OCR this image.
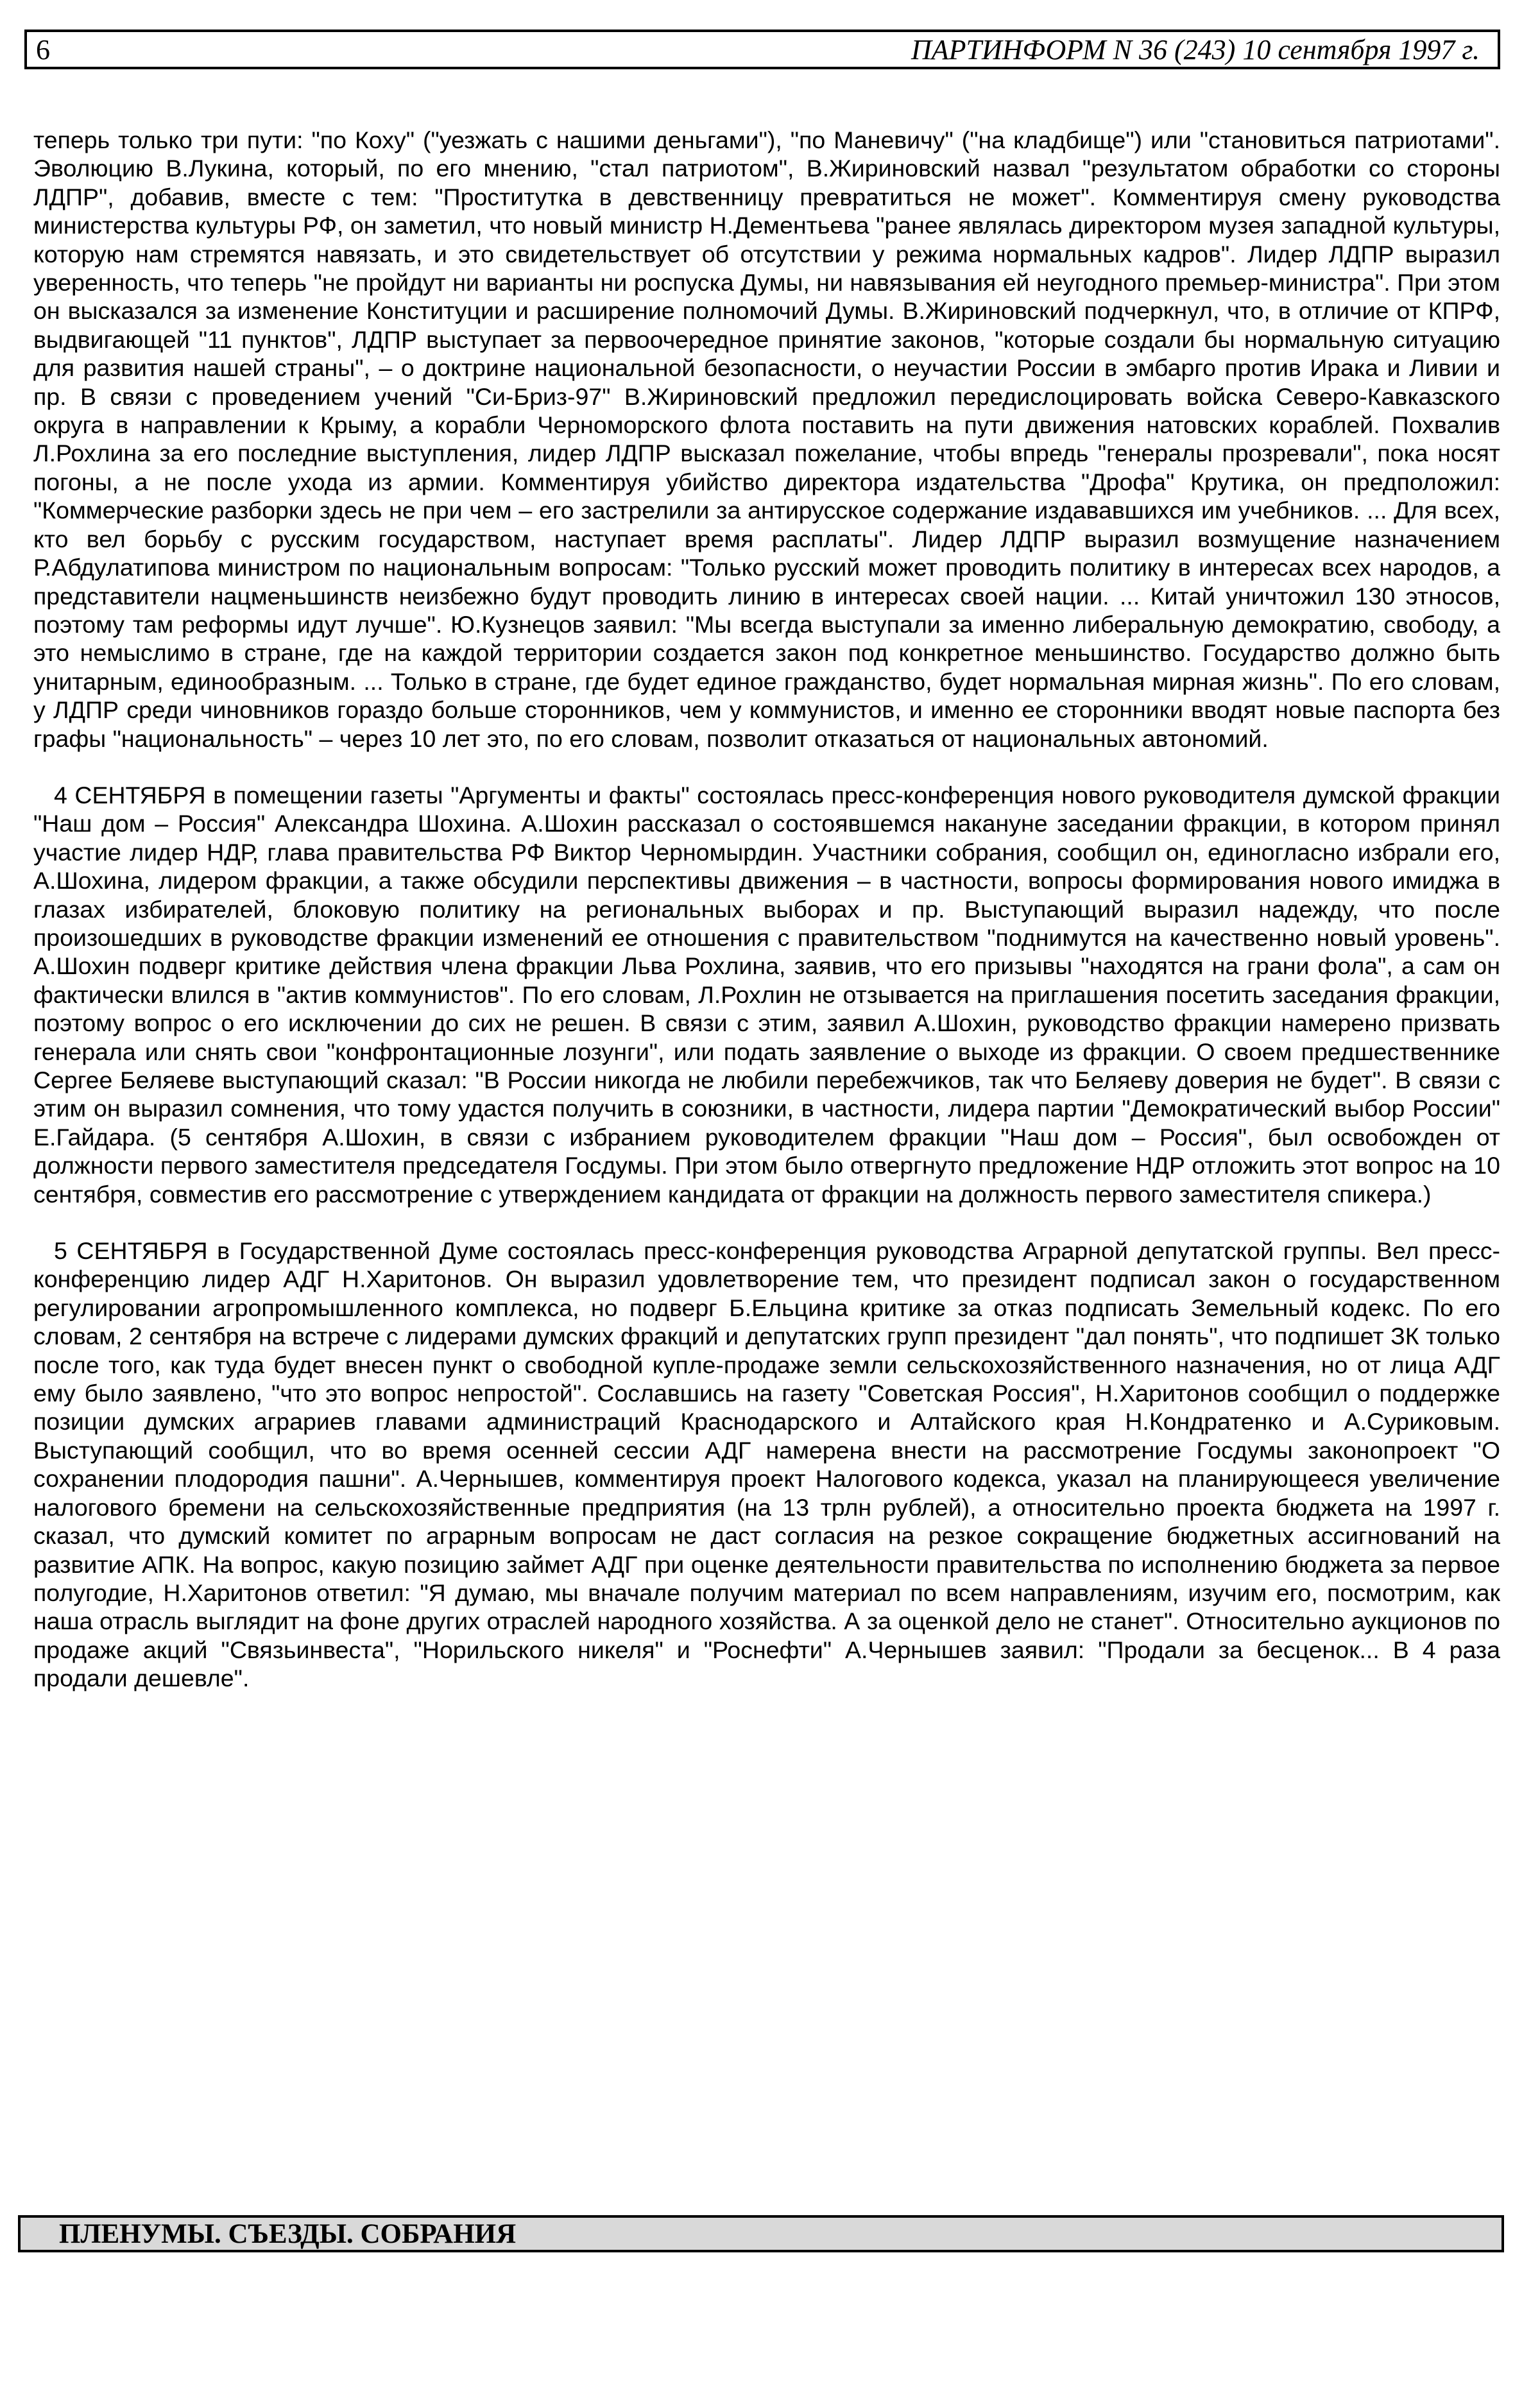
6	ПАРТИНФОРМ N 36 (243) 10 сентября 1997 г.

теперь только три пути: "по Коху" ("уезжать с нашими деньгами"), "по Маневичу" ("на кладбище") или "становиться патриотами". Эволюцию В.Лукина, который, по его мнению, "стал патриотом", В.Жириновский назвал "результатом обработки со стороны ЛДПР", добавив, вместе с тем: "Проститутка в девственницу превратиться не может". Комментируя смену руководства министерства культуры РФ, он заметил, что новый министр Н.Дементьева "ранее являлась директором музея западной культуры, которую нам стремятся навязать, и это свидетельствует об отсутствии у режима нормальных кадров". Лидер ЛДПР выразил уверенность, что теперь "не пройдут ни варианты ни роспуска Думы, ни навязывания ей неугодного премьер-министра". При этом он высказался за изменение Конституции и расширение полномочий Думы. В.Жириновский подчеркнул, что, в отличие от КПРФ, выдвигающей "11 пунктов", ЛДПР выступает за первоочередное принятие законов, "которые создали бы нормальную ситуацию для развития нашей страны", – о доктрине национальной безопасности, о неучастии России в эмбарго против Ирака и Ливии и пр. В связи с проведением учений "Си-Бриз-97" В.Жириновский предложил передислоцировать войска Северо-Кавказского округа в направлении к Крыму, а корабли Черноморского флота поставить на пути движения натовских кораблей. Похвалив Л.Рохлина за его последние выступления, лидер ЛДПР высказал пожелание, чтобы впредь "генералы прозревали", пока носят погоны, а не после ухода из армии. Комментируя убийство директора издательства "Дрофа" Крутика, он предположил: "Коммерческие разборки здесь не при чем – его застрелили за антирусское содержание издававшихся им учебников. ... Для всех, кто вел борьбу с русским государством, наступает время расплаты". Лидер ЛДПР выразил возмущение назначением Р.Абдулатипова министром по национальным вопросам: "Только русский может проводить политику в интересах всех народов, а представители нацменьшинств неизбежно будут проводить линию в интересах своей нации. ... Китай уничтожил 130 этносов, поэтому там реформы идут лучше". Ю.Кузнецов заявил: "Мы всегда выступали за именно либеральную демократию, свободу, а это немыслимо в стране, где на каждой территории создается закон под конкретное меньшинство. Государство должно быть унитарным, единообразным. ... Только в стране, где будет единое гражданство, будет нормальная мирная жизнь". По его словам, у ЛДПР среди чиновников гораздо больше сторонников, чем у коммунистов, и именно ее сторонники вводят новые паспорта без графы "национальность" – через 10 лет это, по его словам, позволит отказаться от национальных автономий.

4 СЕНТЯБРЯ в помещении газеты "Аргументы и факты" состоялась пресс-конференция нового руководителя думской фракции "Наш дом – Россия" Александра Шохина. А.Шохин рассказал о состоявшемся накануне заседании фракции, в котором принял участие лидер НДР, глава правительства РФ Виктор Черномырдин. Участники собрания, сообщил он, единогласно избрали его, А.Шохина, лидером фракции, а также обсудили перспективы движения – в частности, вопросы формирования нового имиджа в глазах избирателей, блоковую политику на региональных выборах и пр. Выступающий выразил надежду, что после произошедших в руководстве фракции изменений ее отношения с правительством "поднимутся на качественно новый уровень". А.Шохин подверг критике действия члена фракции Льва Рохлина, заявив, что его призывы "находятся на грани фола", а сам он фактически влился в "актив коммунистов". По его словам, Л.Рохлин не отзывается на приглашения посетить заседания фракции, поэтому вопрос о его исключении до сих не решен. В связи с этим, заявил А.Шохин, руководство фракции намерено призвать генерала или снять свои "конфронтационные лозунги", или подать заявление о выходе из фракции. О своем предшественнике Сергее Беляеве выступающий сказал: "В России никогда не любили перебежчиков, так что Беляеву доверия не будет". В связи с этим он выразил сомнения, что тому удастся получить в союзники, в частности, лидера партии "Демократический выбор России" Е.Гайдара. (5 сентября А.Шохин, в связи с избранием руководителем фракции "Наш дом – Россия", был освобожден от должности первого заместителя председателя Госдумы. При этом было отвергнуто предложение НДР отложить этот вопрос на 10 сентября, совместив его рассмотрение с утверждением кандидата от фракции на должность первого заместителя спикера.)

5 СЕНТЯБРЯ в Государственной Думе состоялась пресс-конференция руководства Аграрной депутатской группы. Вел пресс-конференцию лидер АДГ Н.Харитонов. Он выразил удовлетворение тем, что президент подписал закон о государственном регулировании агропромышленного комплекса, но подверг Б.Ельцина критике за отказ подписать Земельный кодекс. По его словам, 2 сентября на встрече с лидерами думских фракций и депутатских групп президент "дал понять", что подпишет ЗК только после того, как туда будет внесен пункт о свободной купле-продаже земли сельскохозяйственного назначения, но от лица АДГ ему было заявлено, "что это вопрос непростой". Сославшись на газету "Советская Россия", Н.Харитонов сообщил о поддержке позиции думских аграриев главами администраций Краснодарского и Алтайского края Н.Кондратенко и А.Суриковым. Выступающий сообщил, что во время осенней сессии АДГ намерена внести на рассмотрение Госдумы законопроект "О сохранении плодородия пашни". А.Чернышев, комментируя проект Налогового кодекса, указал на планирующееся увеличение налогового бремени на сельскохозяйственные предприятия (на 13 трлн рублей), а относительно проекта бюджета на 1997 г. сказал, что думский комитет по аграрным вопросам не даст согласия на резкое сокращение бюджетных ассигнований на развитие АПК. На вопрос, какую позицию займет АДГ при оценке деятельности правительства по исполнению бюджета за первое полугодие, Н.Харитонов ответил: "Я думаю, мы вначале получим материал по всем направлениям, изучим его, посмотрим, как наша отрасль выглядит на фоне других отраслей народного хозяйства. А за оценкой дело не станет". Относительно аукционов по продаже акций "Связьинвеста", "Норильского никеля" и "Роснефти" А.Чернышев заявил: "Продали за бесценок... В 4 раза продали дешевле".

ПЛЕНУМЫ. СЪЕЗДЫ. СОБРАНИЯ
